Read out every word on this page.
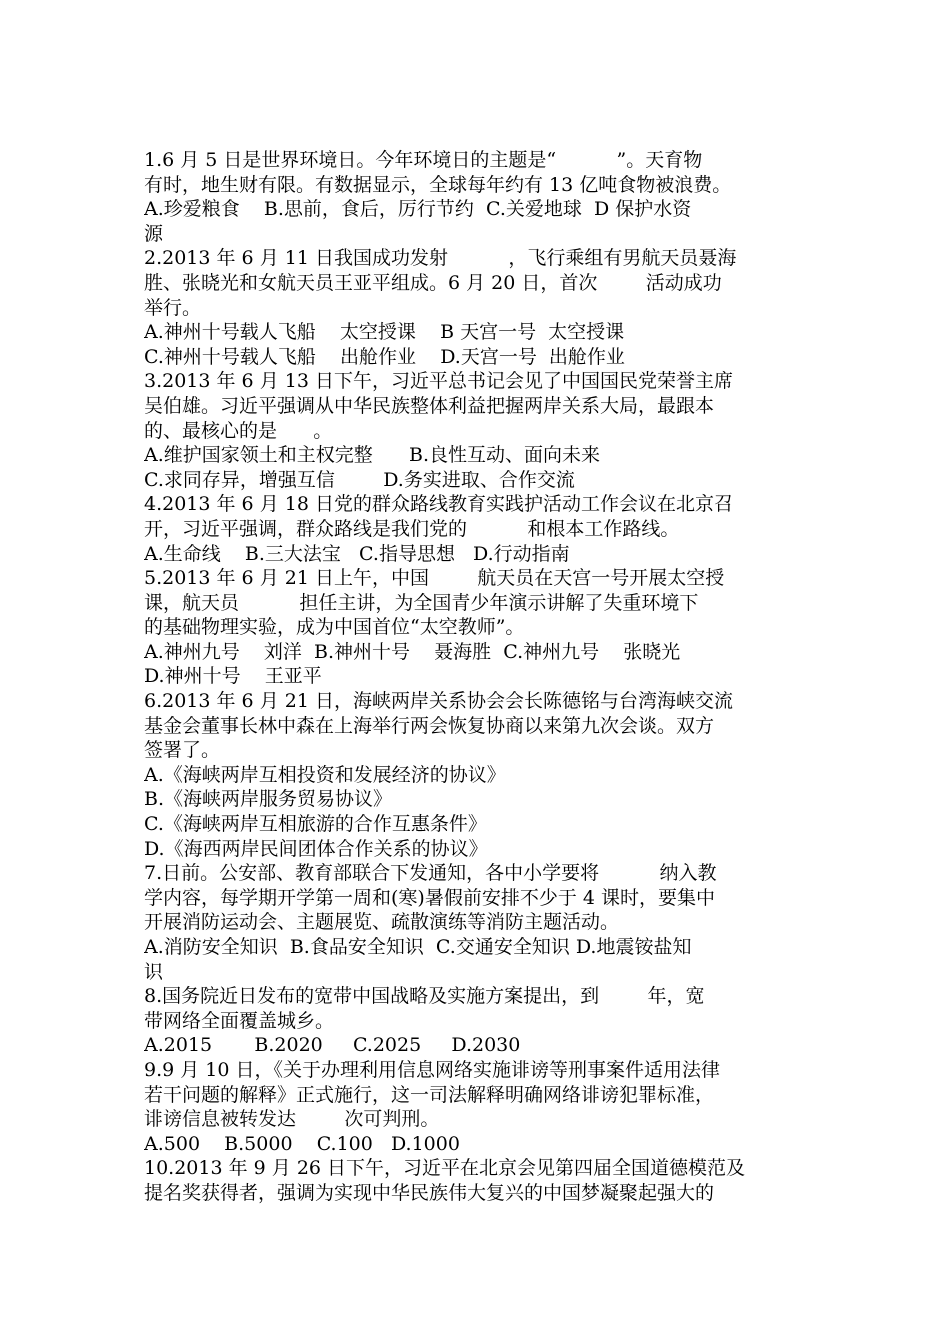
1.6 月 5 日是世界环境日。今年环境日的主题是“          ”。天育物
有时，地生财有限。有数据显示，全球每年约有 13 亿吨食物被浪费。
A.珍爱粮食    B.思前，食后，厉行节约  C.关爱地球  D 保护水资
源
2.2013 年 6 月 11 日我国成功发射          ，飞行乘组有男航天员聂海
胜、张晓光和女航天员王亚平组成。6 月 20 日，首次        活动成功
举行。
A.神州十号载人飞船    太空授课    B 天宫一号  太空授课
C.神州十号载人飞船    出舱作业    D.天宫一号  出舱作业
3.2013 年 6 月 13 日下午，习近平总书记会见了中国国民党荣誉主席
吴伯雄。习近平强调从中华民族整体利益把握两岸关系大局，最跟本
的、最核心的是      。
A.维护国家领土和主权完整      B.良性互动、面向未来
C.求同存异，增强互信        D.务实进取、合作交流
4.2013 年 6 月 18 日党的群众路线教育实践护活动工作会议在北京召
开，习近平强调，群众路线是我们党的          和根本工作路线。
A.生命线    B.三大法宝   C.指导思想   D.行动指南
5.2013 年 6 月 21 日上午，中国        航天员在天宫一号开展太空授
课，航天员          担任主讲，为全国青少年演示讲解了失重环境下
的基础物理实验，成为中国首位“太空教师”。
A.神州九号    刘洋  B.神州十号    聂海胜  C.神州九号    张晓光
D.神州十号    王亚平
6.2013 年 6 月 21 日，海峡两岸关系协会会长陈德铭与台湾海峡交流
基金会董事长林中森在上海举行两会恢复协商以来第九次会谈。双方
签署了。
A.《海峡两岸互相投资和发展经济的协议》
B.《海峡两岸服务贸易协议》
C.《海峡两岸互相旅游的合作互惠条件》
D.《海西两岸民间团体合作关系的协议》
7.日前。公安部、教育部联合下发通知，各中小学要将          纳入教
学内容，每学期开学第一周和(寒)暑假前安排不少于 4 课时，要集中
开展消防运动会、主题展览、疏散演练等消防主题活动。
A.消防安全知识  B.食品安全知识  C.交通安全知识 D.地震铵盐知
识
8.国务院近日发布的宽带中国战略及实施方案提出，到        年，宽
带网络全面覆盖城乡。
A.2015       B.2020     C.2025     D.2030
9.9 月 10 日，《关于办理利用信息网络实施诽谤等刑事案件适用法律
若干问题的解释》正式施行，这一司法解释明确网络诽谤犯罪标准，
诽谤信息被转发达        次可判刑。
A.500    B.5000    C.100   D.1000
10.2013 年 9 月 26 日下午，习近平在北京会见第四届全国道德模范及
提名奖获得者，强调为实现中华民族伟大复兴的中国梦凝聚起强大的
